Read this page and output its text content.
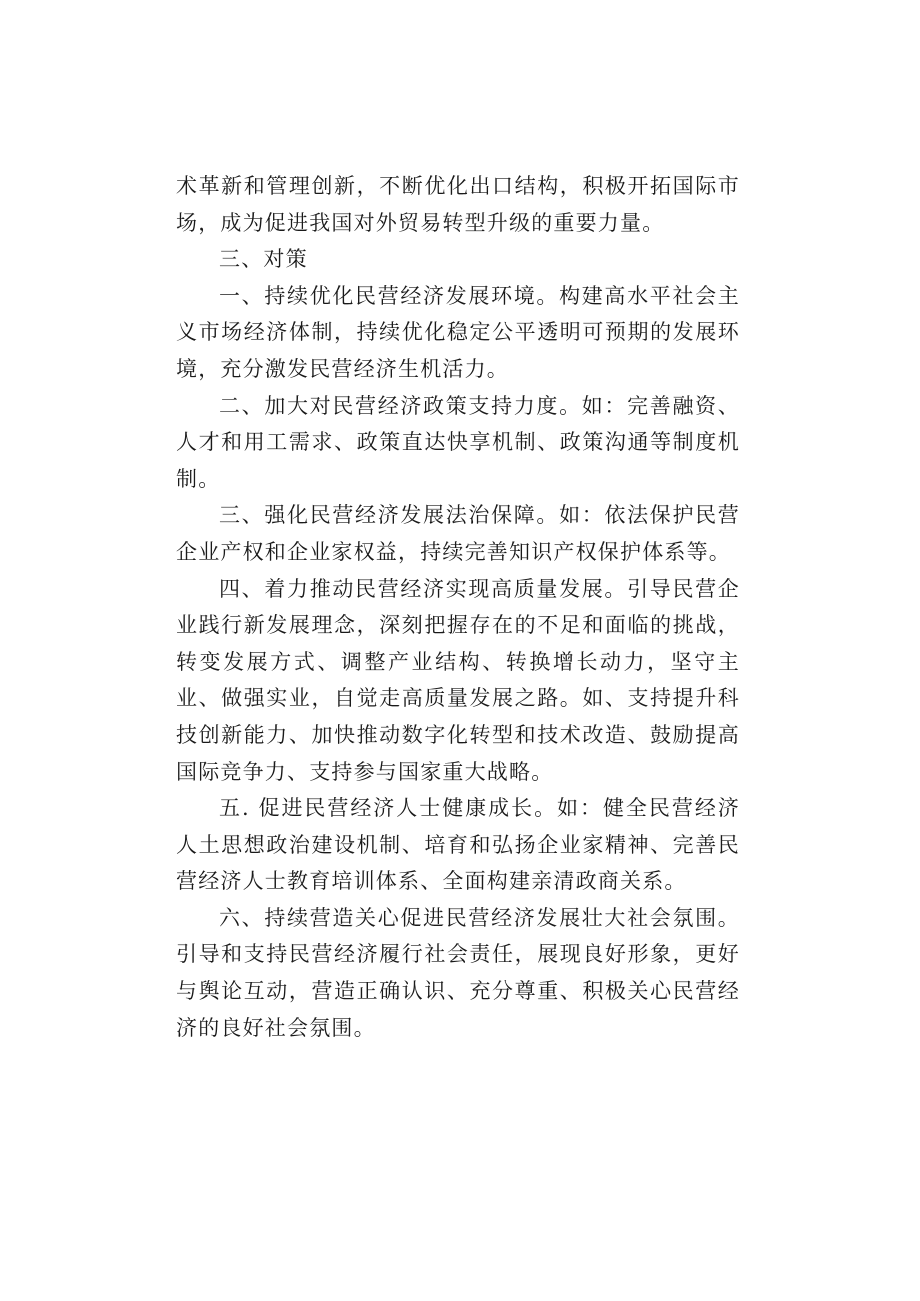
术革新和管理创新，不断优化出口结构，积极开拓国际市场，成为促进我国对外贸易转型升级的重要力量。

三、对策

一、持续优化民营经济发展环境。构建高水平社会主义市场经济体制，持续优化稳定公平透明可预期的发展环境，充分激发民营经济生机活力。

二、加大对民营经济政策支持力度。如：完善融资、人才和用工需求、政策直达快享机制、政策沟通等制度机制。

三、强化民营经济发展法治保障。如：依法保护民营企业产权和企业家权益，持续完善知识产权保护体系等。

四、着力推动民营经济实现高质量发展。引导民营企业践行新发展理念，深刻把握存在的不足和面临的挑战，转变发展方式、调整产业结构、转换增长动力，坚守主业、做强实业，自觉走高质量发展之路。如、支持提升科技创新能力、加快推动数字化转型和技术改造、鼓励提高国际竞争力、支持参与国家重大战略。

五. 促进民营经济人士健康成长。如：健全民营经济人土思想政治建设机制、培育和弘扬企业家精神、完善民营经济人士教育培训体系、全面构建亲清政商关系。

六、持续营造关心促进民营经济发展壮大社会氛围。引导和支持民营经济履行社会责任，展现良好形象，更好与舆论互动，营造正确认识、充分尊重、积极关心民营经济的良好社会氛围。
